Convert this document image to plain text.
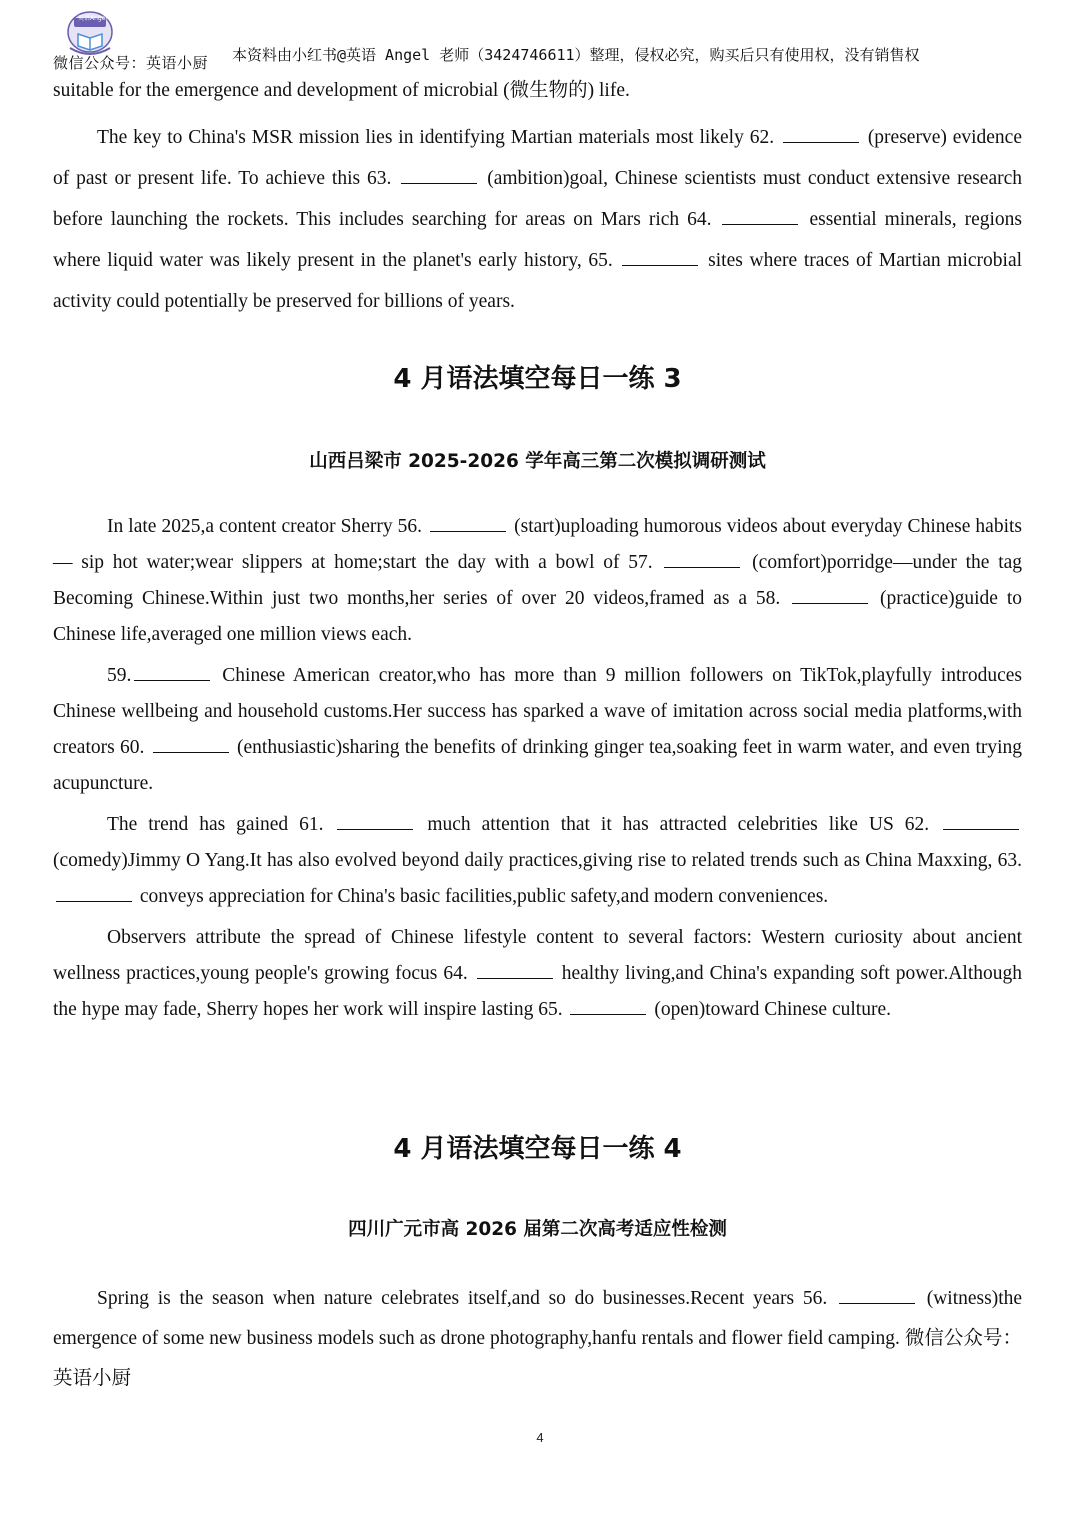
英语Angel老师
微信公众号：英语小厨 本资料由小红书@英语 Angel 老师（3424746611）整理，侵权必究，购买后只有使用权，没有销售权

suitable for the emergence and development of microbial (微生物的) life.

The key to China's MSR mission lies in identifying Martian materials most likely 62.	(preserve) evidence of past or present life. To achieve this 63.	(ambition)goal, Chinese scientists must conduct extensive research before launching the rockets. This includes searching for areas on Mars rich 64.	essential minerals, regions where liquid water was likely present in the planet's early history, 65.	sites where traces of Martian microbial activity could potentially be preserved for billions of years.

4 月语法填空每日一练 3
山西吕梁市 2025-2026 学年高三第二次模拟调研测试

In late 2025,a content creator Sherry 56.	(start)uploading humorous videos about everyday Chinese habits — sip hot water;wear slippers at home;start the day with a bowl of 57.	(comfort)porridge—under the tag Becoming Chinese.Within just two months,her series of over 20 videos,framed as a 58.	(practice)guide to Chinese life,averaged one million views each.

59.	Chinese American creator,who has more than 9 million followers on TikTok,playfully introduces Chinese wellbeing and household customs.Her success has sparked a wave of imitation across social media platforms,with creators 60.	(enthusiastic)sharing the benefits of drinking ginger tea,soaking feet in warm water, and even trying acupuncture.

The trend has gained 61.	much attention that it has attracted celebrities like US 62.  (comedy)Jimmy O Yang.It has also evolved beyond daily practices,giving rise to related trends such as China Maxxing, 63.  conveys appreciation for China's basic facilities,public safety,and modern conveniences.

Observers attribute the spread of Chinese lifestyle content to several factors: Western curiosity about ancient wellness practices,young people's growing focus 64.	healthy living,and China's expanding soft power.Although the hype may fade, Sherry hopes her work will inspire lasting 65.	(open)toward Chinese culture.

4 月语法填空每日一练 4
四川广元市高 2026 届第二次高考适应性检测

Spring is the season when nature celebrates itself,and so do businesses.Recent years 56.	(witness)the emergence of some new business models such as drone photography,hanfu rentals and flower field camping. 微信公众号：英语小厨

4
